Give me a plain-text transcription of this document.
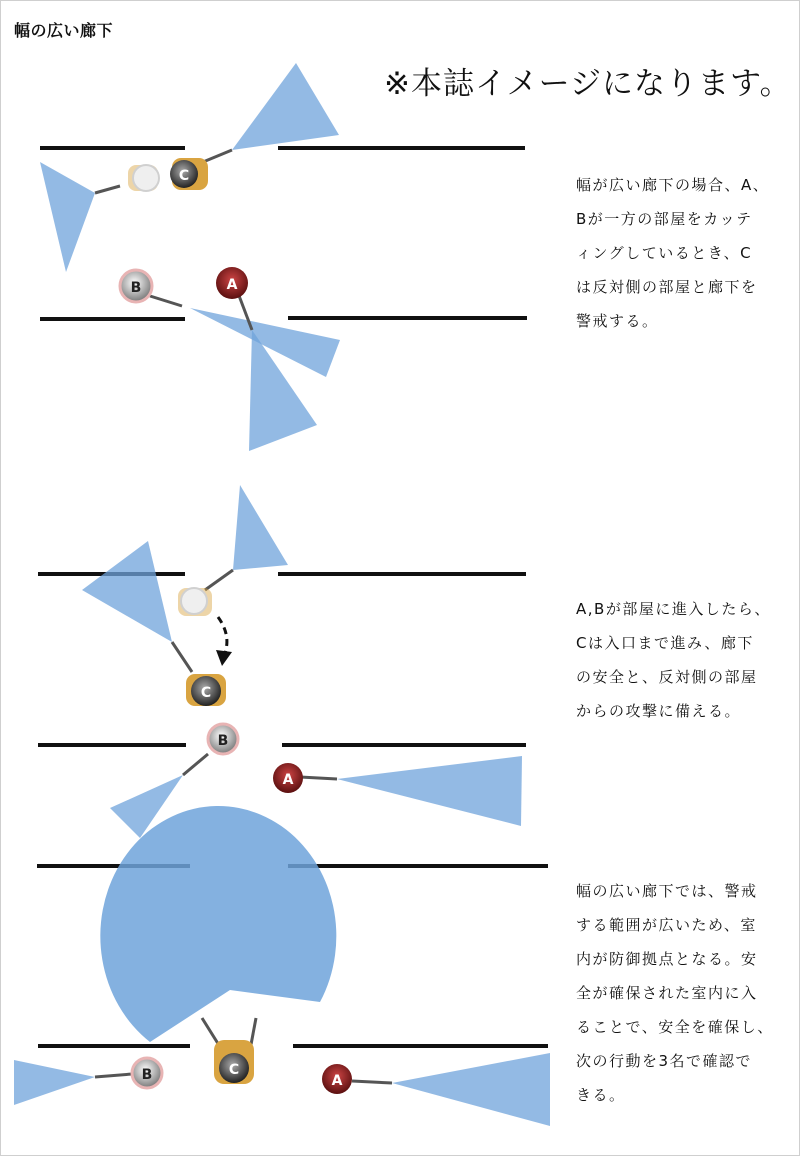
幅の広い廊下
※本誌イメージになります。
C
B	A
C
B
A
B	C
A
幅が広い廊下の場合、A、
Bが一方の部屋をカッテ
ィングしているとき、C
は反対側の部屋と廊下を
警戒する。
A,Bが部屋に進入したら、
Cは入口まで進み、廊下
の安全と、反対側の部屋
からの攻撃に備える。
幅の広い廊下では、警戒
する範囲が広いため、室
内が防御拠点となる。安
全が確保された室内に入
ることで、安全を確保し、
次の行動を3名で確認で
きる。
